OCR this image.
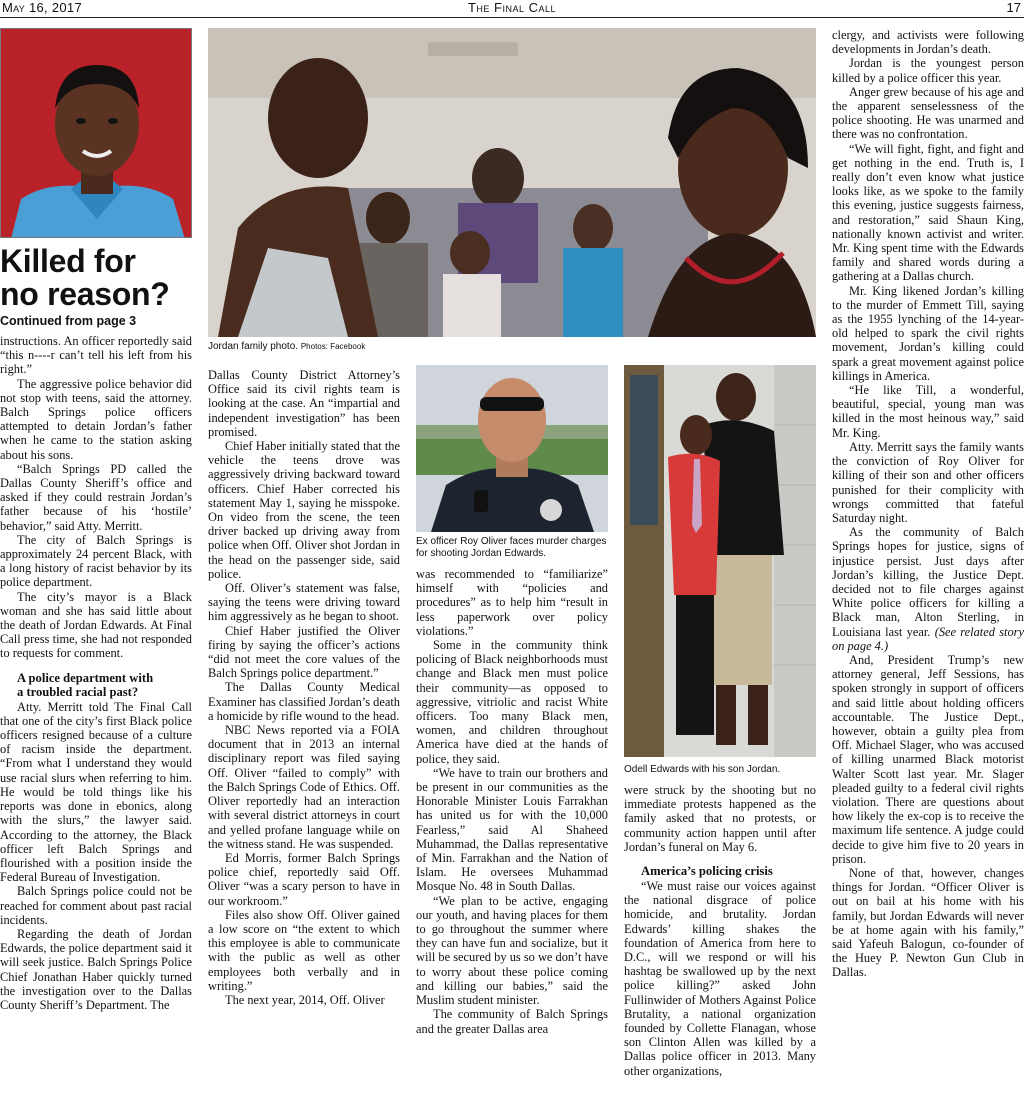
May 16, 2017	The Final Call	17
Killed for
no reason?
Continued from page 3
Jordan family photo. Photos: Facebook
Ex officer Roy Oliver faces murder charges
for shooting Jordan Edwards.
Odell Edwards with his son Jordan.

instructions. An officer reportedly said “this n----r can’t tell his left from his right.”

The aggressive police behavior did not stop with teens, said the attorney. Balch Springs police officers attempted to detain Jordan’s father when he came to the station asking about his sons.

“Balch Springs PD called the Dallas County Sheriff’s office and asked if they could restrain Jordan’s father because of his ‘hostile’ behavior,” said Atty. Merritt.

The city of Balch Springs is approximately 24 percent Black, with a long history of racist behavior by its police department.

The city’s mayor is a Black woman and she has said little about the death of Jordan Edwards. At Final Call press time, she had not responded to requests for comment.

A police department with
a troubled racial past?

Atty. Merritt told The Final Call that one of the city’s first Black police officers resigned because of a culture of racism inside the department. “From what I understand they would use racial slurs when referring to him. He would be told things like his reports was done in ebonics, along with the slurs,” the lawyer said. According to the attorney, the Black officer left Balch Springs and flourished with a position inside the Federal Bureau of Investigation.

Balch Springs police could not be reached for comment about past racial incidents.

Regarding the death of Jordan Edwards, the police department said it will seek justice. Balch Springs Police Chief Jonathan Haber quickly turned the investigation over to the Dallas County Sheriff’s Department. The

Dallas County District Attorney’s Office said its civil rights team is looking at the case. An “impartial and independent investigation” has been promised.

Chief Haber initially stated that the vehicle the teens drove was aggressively driving backward toward officers. Chief Haber corrected his statement May 1, saying he misspoke. On video from the scene, the teen driver backed up driving away from police when Off. Oliver shot Jordan in the head on the passenger side, said police.

Off. Oliver’s statement was false, saying the teens were driving toward him aggressively as he began to shoot.

Chief Haber justified the Oliver firing by saying the officer’s actions “did not meet the core values of the Balch Springs police department.”

The Dallas County Medical Examiner has classified Jordan’s death a homicide by rifle wound to the head.

NBC News reported via a FOIA document that in 2013 an internal disciplinary report was filed saying Off. Oliver “failed to comply” with the Balch Springs Code of Ethics. Off. Oliver reportedly had an interaction with several district attorneys in court and yelled profane language while on the witness stand. He was suspended.

Ed Morris, former Balch Springs police chief, reportedly said Off. Oliver “was a scary person to have in our workroom.”

Files also show Off. Oliver gained a low score on “the extent to which this employee is able to communicate with the public as well as other employees both verbally and in writing.”

The next year, 2014, Off. Oliver

was recommended to “familiarize” himself with “policies and procedures” as to help him “result in less paperwork over policy violations.”

Some in the community think policing of Black neighborhoods must change and Black men must police their community—as opposed to aggressive, vitriolic and racist White officers. Too many Black men, women, and children throughout America have died at the hands of police, they said.

“We have to train our brothers and be present in our communities as the Honorable Minister Louis Farrakhan has united us for with the 10,000 Fearless,” said Al Shaheed Muhammad, the Dallas representative of Min. Farrakhan and the Nation of Islam. He oversees Muhammad Mosque No. 48 in South Dallas.

“We plan to be active, engaging our youth, and having places for them to go throughout the summer where they can have fun and socialize, but it will be secured by us so we don’t have to worry about these police coming and killing our babies,” said the Muslim student minister.

The community of Balch Springs and the greater Dallas area

were struck by the shooting but no immediate protests happened as the family asked that no protests, or community action happen until after Jordan’s funeral on May 6.

America’s policing crisis

“We must raise our voices against the national disgrace of police homicide, and brutality. Jordan Edwards’ killing shakes the foundation of America from here to D.C., will we respond or will his hashtag be swallowed up by the next police killing?” asked John Fullinwider of Mothers Against Police Brutality, a national organization founded by Collette Flanagan, whose son Clinton Allen was killed by a Dallas police officer in 2013. Many other organizations,

clergy, and activists were following developments in Jordan’s death.

Jordan is the youngest person killed by a police officer this year.

Anger grew because of his age and the apparent senselessness of the police shooting. He was unarmed and there was no confrontation.

“We will fight, fight, and fight and get nothing in the end. Truth is, I really don’t even know what justice looks like, as we spoke to the family this evening, justice suggests fairness, and restoration,” said Shaun King, nationally known activist and writer. Mr. King spent time with the Edwards family and shared words during a gathering at a Dallas church.

Mr. King likened Jordan’s killing to the murder of Emmett Till, saying as the 1955 lynching of the 14-year-old helped to spark the civil rights movement, Jordan’s killing could spark a great movement against police killings in America.

“He like Till, a wonderful, beautiful, special, young man was killed in the most heinous way,” said Mr. King.

Atty. Merritt says the family wants the conviction of Roy Oliver for killing of their son and other officers punished for their complicity with wrongs committed that fateful Saturday night.

As the community of Balch Springs hopes for justice, signs of injustice persist. Just days after Jordan’s killing, the Justice Dept. decided not to file charges against White police officers for killing a Black man, Alton Sterling, in Louisiana last year. (See related story on page 4.)

And, President Trump’s new attorney general, Jeff Sessions, has spoken strongly in support of officers and said little about holding officers accountable. The Justice Dept., however, obtain a guilty plea from Off. Michael Slager, who was accused of killing unarmed Black motorist Walter Scott last year. Mr. Slager pleaded guilty to a federal civil rights violation. There are questions about how likely the ex-cop is to receive the maximum life sentence. A judge could decide to give him five to 20 years in prison.

None of that, however, changes things for Jordan. “Officer Oliver is out on bail at his home with his family, but Jordan Edwards will never be at home again with his family,” said Yafeuh Balogun, co-founder of the Huey P. Newton Gun Club in Dallas.
